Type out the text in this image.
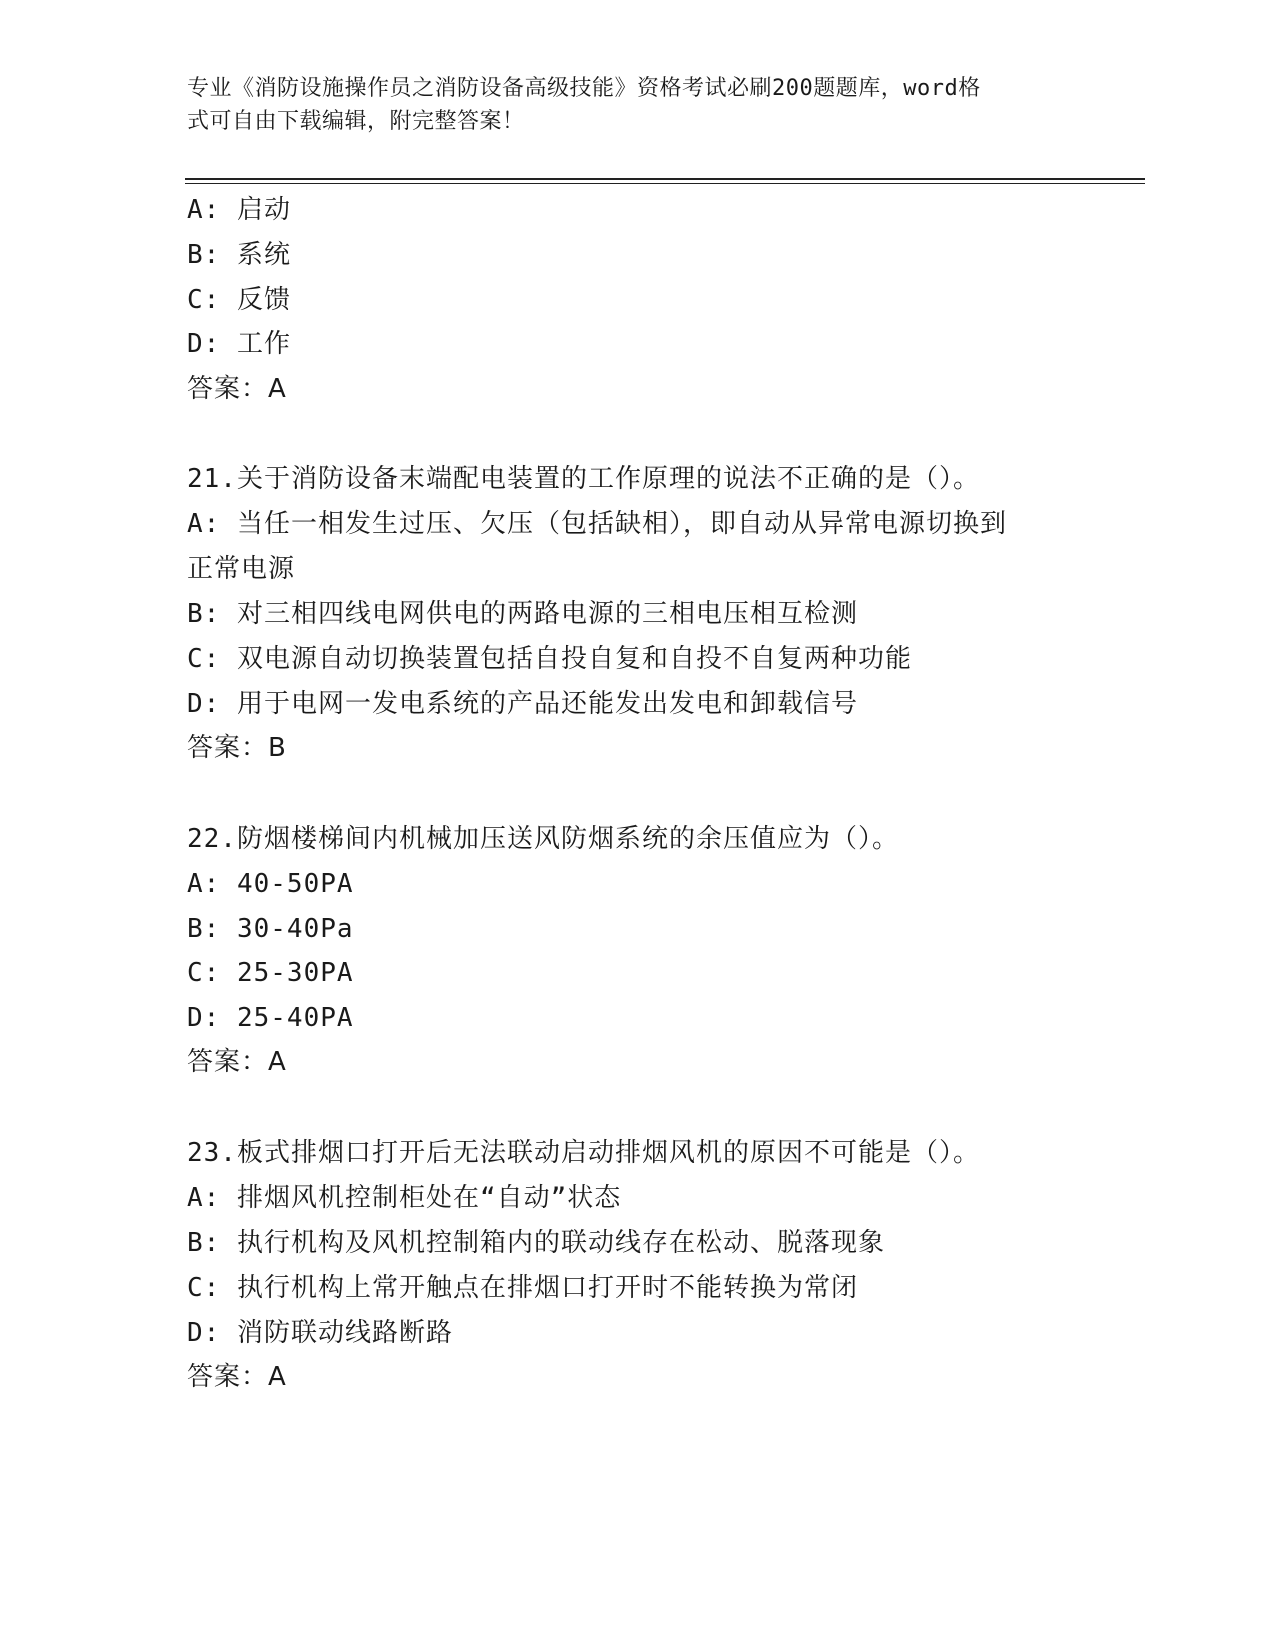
专业《消防设施操作员之消防设备高级技能》资格考试必刷200题题库，word格
式可自由下载编辑，附完整答案！
A: 启动
B: 系统
C: 反馈
D: 工作
答案：A
21.关于消防设备末端配电装置的工作原理的说法不正确的是（）。
A: 当任一相发生过压、欠压（包括缺相），即自动从异常电源切换到
正常电源
B: 对三相四线电网供电的两路电源的三相电压相互检测
C: 双电源自动切换装置包括自投自复和自投不自复两种功能
D: 用于电网一发电系统的产品还能发出发电和卸载信号
答案：B
22.防烟楼梯间内机械加压送风防烟系统的余压值应为（）。
A: 40-50PA
B: 30-40Pa
C: 25-30PA
D: 25-40PA
答案：A
23.板式排烟口打开后无法联动启动排烟风机的原因不可能是（）。
A: 排烟风机控制柜处在“自动”状态
B: 执行机构及风机控制箱内的联动线存在松动、脱落现象
C: 执行机构上常开触点在排烟口打开时不能转换为常闭
D: 消防联动线路断路
答案：A
